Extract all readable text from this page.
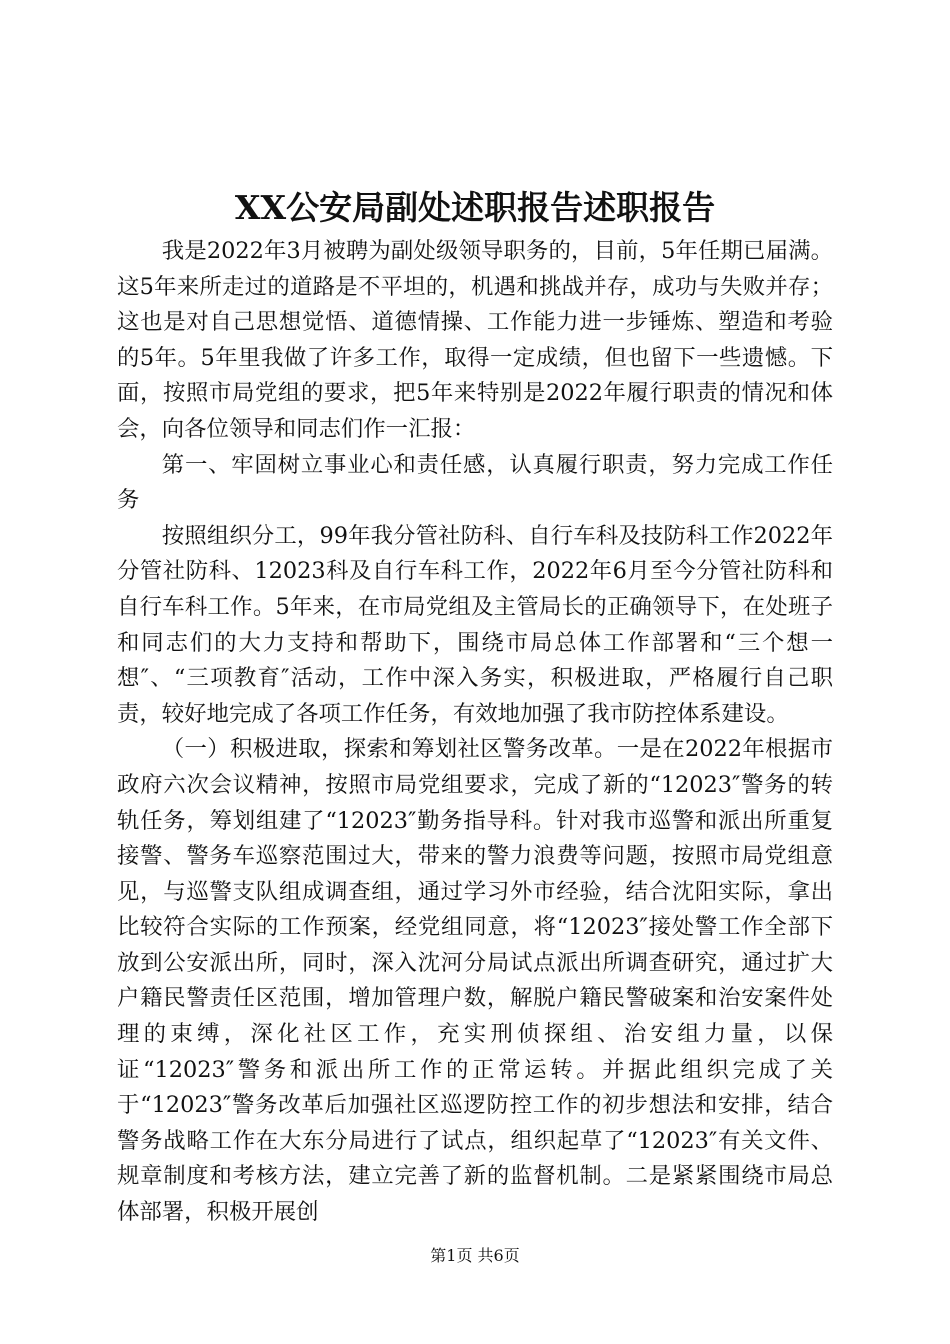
XX公安局副处述职报告述职报告

我是2022年3月被聘为副处级领导职务的，目前，5年任期已届满。这5年来所走过的道路是不平坦的，机遇和挑战并存，成功与失败并存；这也是对自己思想觉悟、道德情操、工作能力进一步锤炼、塑造和考验的5年。5年里我做了许多工作，取得一定成绩，但也留下一些遗憾。下面，按照市局党组的要求，把5年来特别是2022年履行职责的情况和体会，向各位领导和同志们作一汇报：

第一、牢固树立事业心和责任感，认真履行职责，努力完成工作任务

按照组织分工，99年我分管社防科、自行车科及技防科工作2022年分管社防科、12023科及自行车科工作，2022年6月至今分管社防科和自行车科工作。5年来，在市局党组及主管局长的正确领导下，在处班子和同志们的大力支持和帮助下，围绕市局总体工作部署和“三个想一想″、“三项教育″活动，工作中深入务实，积极进取，严格履行自己职责，较好地完成了各项工作任务，有效地加强了我市防控体系建设。

（一）积极进取，探索和筹划社区警务改革。一是在2022年根据市政府六次会议精神，按照市局党组要求，完成了新的“12023″警务的转轨任务，筹划组建了“12023″勤务指导科。针对我市巡警和派出所重复接警、警务车巡察范围过大，带来的警力浪费等问题，按照市局党组意见，与巡警支队组成调查组，通过学习外市经验，结合沈阳实际，拿出比较符合实际的工作预案，经党组同意，将“12023″接处警工作全部下放到公安派出所，同时，深入沈河分局试点派出所调查研究，通过扩大户籍民警责任区范围，增加管理户数，解脱户籍民警破案和治安案件处理的束缚，深化社区工作，充实刑侦探组、治安组力量，以保证“12023″警务和派出所工作的正常运转。并据此组织完成了关于“12023″警务改革后加强社区巡逻防控工作的初步想法和安排，结合警务战略工作在大东分局进行了试点，组织起草了“12023″有关文件、规章制度和考核方法，建立完善了新的监督机制。二是紧紧围绕市局总体部署，积极开展创

第1页 共6页
